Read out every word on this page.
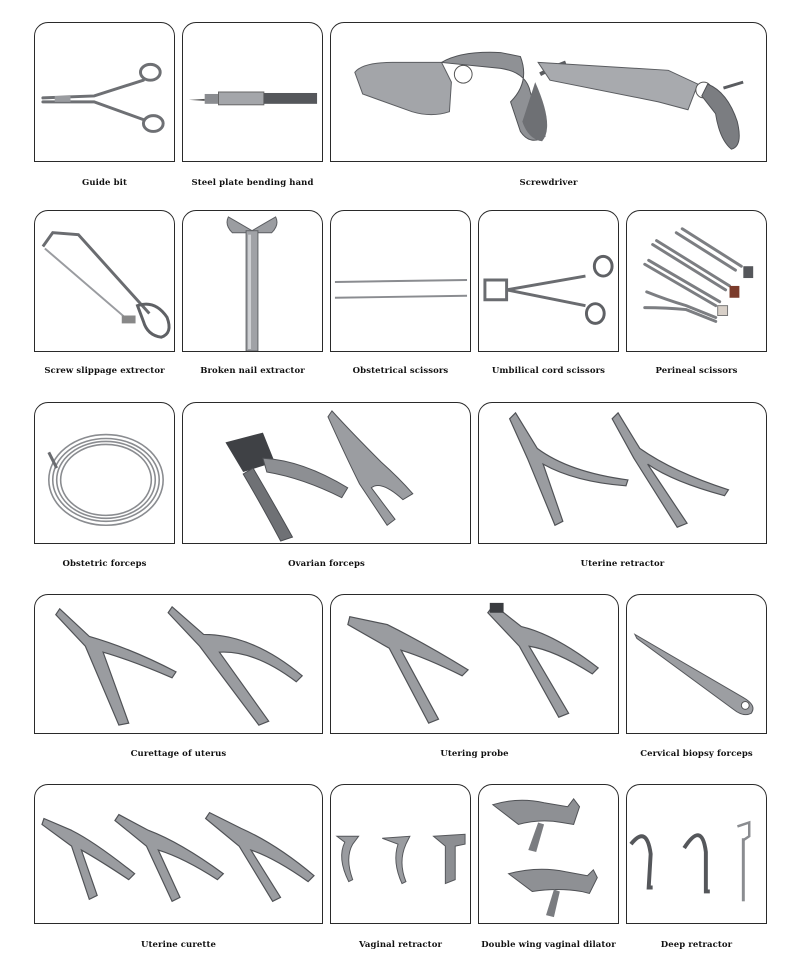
Guide bit	Steel plate bending hand	Screwdriver
Screw slippage extrector	Broken nail extractor	Obstetrical scissors	Umbilical cord scissors	Perineal scissors
Obstetric forceps	Ovarian forceps	Uterine retractor
Curettage of uterus	Utering probe	Cervical biopsy forceps
Uterine curette	Vaginal retractor	Double wing vaginal dilator	Deep retractor
